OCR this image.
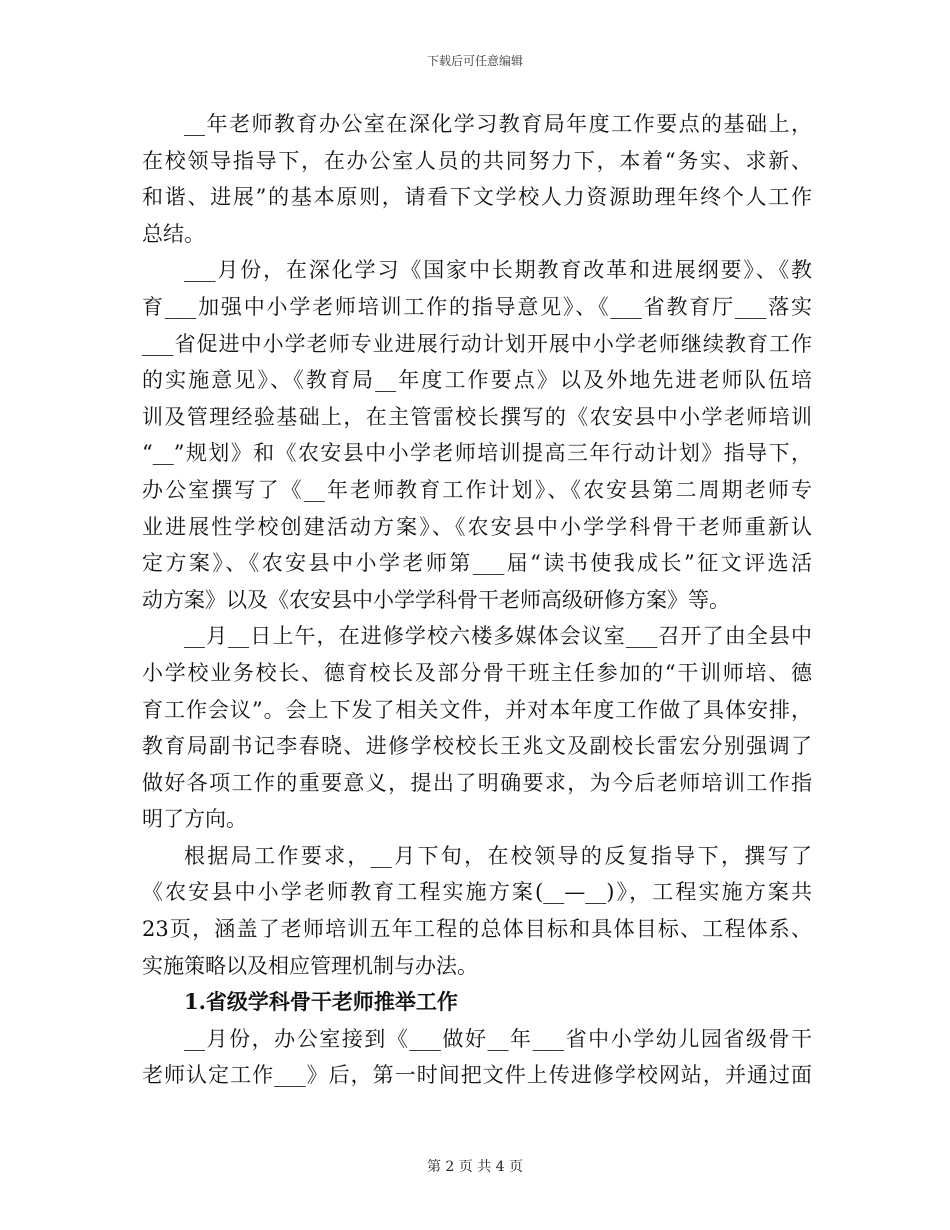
下载后可任意编辑
__年老师教育办公室在深化学习教育局年度工作要点的基础上，
在校领导指导下，在办公室人员的共同努力下，本着“务实、求新、
和谐、进展”的基本原则，请看下文学校人力资源助理年终个人工作
总结。
___月份，在深化学习《国家中长期教育改革和进展纲要》、《教
育___加强中小学老师培训工作的指导意见》、《___省教育厅___落实
___省促进中小学老师专业进展行动计划开展中小学老师继续教育工作
的实施意见》、《教育局__年度工作要点》以及外地先进老师队伍培
训及管理经验基础上，在主管雷校长撰写的《农安县中小学老师培训
“__”规划》和《农安县中小学老师培训提高三年行动计划》指导下，
办公室撰写了《__年老师教育工作计划》、《农安县第二周期老师专
业进展性学校创建活动方案》、《农安县中小学学科骨干老师重新认
定方案》、《农安县中小学老师第___届“读书使我成长”征文评选活
动方案》以及《农安县中小学学科骨干老师高级研修方案》等。
__月__日上午，在进修学校六楼多媒体会议室___召开了由全县中
小学校业务校长、德育校长及部分骨干班主任参加的“干训师培、德
育工作会议”。会上下发了相关文件，并对本年度工作做了具体安排，
教育局副书记李春晓、进修学校校长王兆文及副校长雷宏分别强调了
做好各项工作的重要意义，提出了明确要求，为今后老师培训工作指
明了方向。
根据局工作要求，__月下旬，在校领导的反复指导下，撰写了
《农安县中小学老师教育工程实施方案(__—__)》，工程实施方案共
23页，涵盖了老师培训五年工程的总体目标和具体目标、工程体系、
实施策略以及相应管理机制与办法。
1.省级学科骨干老师推举工作
__月份，办公室接到《___做好__年___省中小学幼儿园省级骨干
老师认定工作___》后，第一时间把文件上传进修学校网站，并通过面
第 2 页 共 4 页
